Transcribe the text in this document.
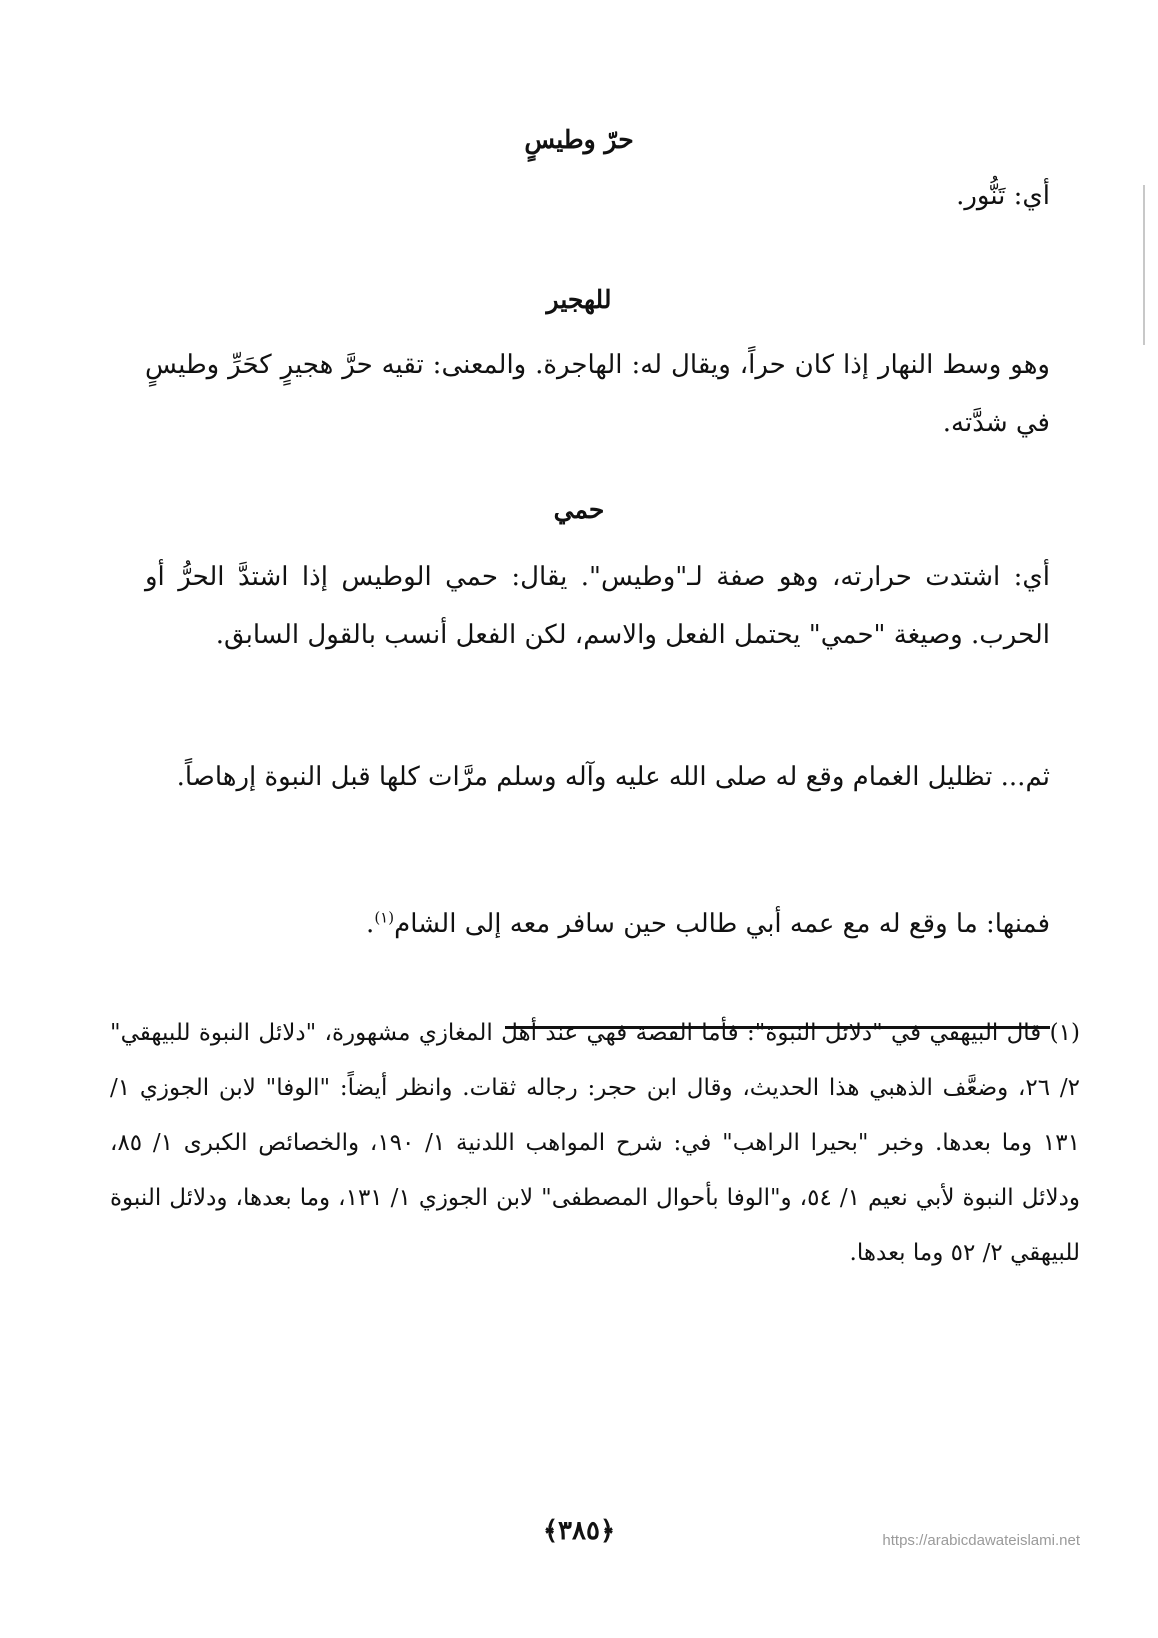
حرّ وطيسٍ
أي: تَنُّور.
للهجير
وهو وسط النهار إذا كان حراً، ويقال له: الهاجرة. والمعنى: تقيه حرَّ هجيرٍ كحَرِّ وطيسٍ في شدَّته.
حمي
أي: اشتدت حرارته، وهو صفة لـ"وطيس". يقال: حمي الوطيس إذا اشتدَّ الحرُّ أو الحرب. وصيغة "حمي" يحتمل الفعل والاسم، لكن الفعل أنسب بالقول السابق.
ثم... تظليل الغمام وقع له صلى الله عليه وآله وسلم مرَّات كلها قبل النبوة إرهاصاً.
فمنها: ما وقع له مع عمه أبي طالب حين سافر معه إلى الشام$^{(١)}$.

(١) قال البيهقي في "دلائل النبوة": فأما القصة فهي عند أهل المغازي مشهورة، "دلائل النبوة للبيهقي" ٢/ ٢٦، وضعَّف الذهبي هذا الحديث، وقال ابن حجر: رجاله ثقات. وانظر أيضاً: "الوفا" لابن الجوزي ١/ ١٣١ وما بعدها. وخبر "بحيرا الراهب" في: شرح المواهب اللدنية ١/ ١٩٠، والخصائص الكبرى ١/ ٨٥، ودلائل النبوة لأبي نعيم ١/ ٥٤، و"الوفا بأحوال المصطفى" لابن الجوزي ١/ ١٣١، وما بعدها، ودلائل النبوة للبيهقي ٢/ ٥٢ وما بعدها.

﴿٣٨٥﴾	https://arabicdawateislami.net
